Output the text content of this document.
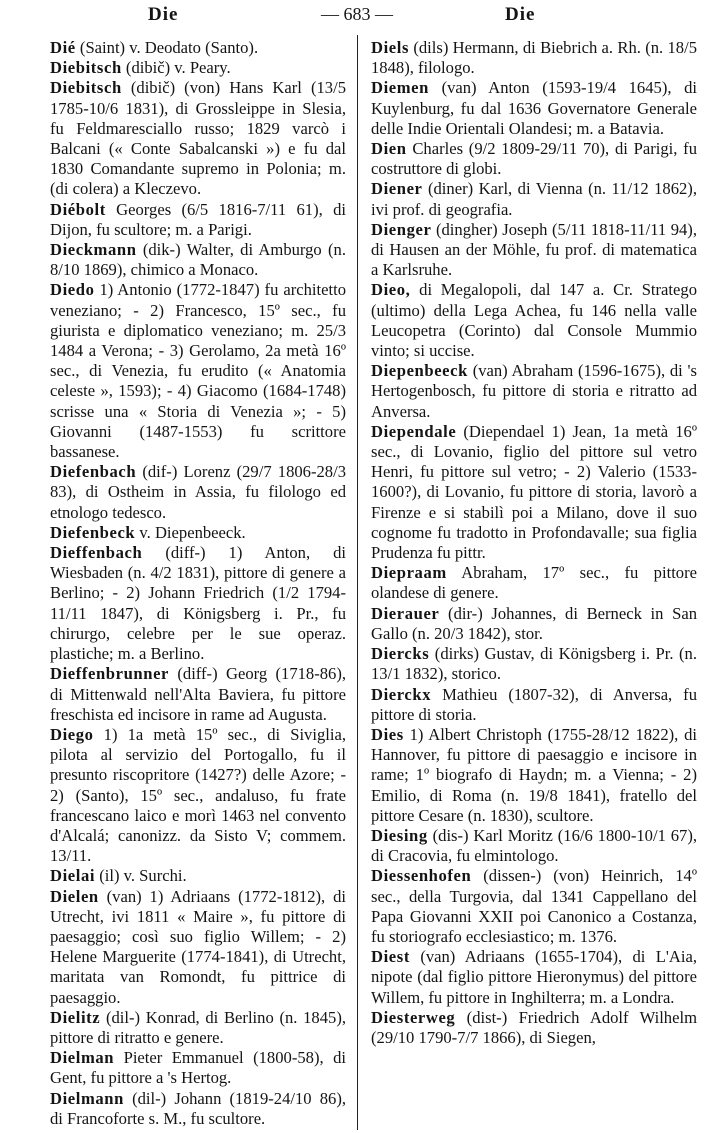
Die	— 683 —	Die

Dié (Saint) v. Deodato (Santo).

Diebitsch (dibič) v. Peary.

Diebitsch (dibič) (von) Hans Karl (13/5 1785-10/6 1831), di Grossleippe in Slesia, fu Feldmaresciallo russo; 1829 varcò i Balcani (« Conte Sabalcanski ») e fu dal 1830 Comandante supremo in Polonia; m. (di colera) a Kleczevo.

Diébolt Georges (6/5 1816-7/11 61), di Dijon, fu scultore; m. a Parigi.

Dieckmann (dik-) Walter, di Amburgo (n. 8/10 1869), chimico a Monaco.

Diedo 1) Antonio (1772-1847) fu architetto veneziano; - 2) Francesco, 15º sec., fu giurista e diplomatico veneziano; m. 25/3 1484 a Verona; - 3) Gerolamo, 2a metà 16º sec., di Venezia, fu erudito (« Anatomia celeste », 1593); - 4) Giacomo (1684-1748) scrisse una « Storia di Venezia »; - 5) Giovanni (1487-1553) fu scrittore bassanese.

Diefenbach (dif-) Lorenz (29/7 1806-28/3 83), di Ostheim in Assia, fu filologo ed etnologo tedesco.

Diefenbeck v. Diepenbeeck.

Dieffenbach (diff-) 1) Anton, di Wiesbaden (n. 4/2 1831), pittore di genere a Berlino; - 2) Johann Friedrich (1/2 1794-11/11 1847), di Königsberg i. Pr., fu chirurgo, celebre per le sue operaz. plastiche; m. a Berlino.

Dieffenbrunner (diff-) Georg (1718-86), di Mittenwald nell'Alta Baviera, fu pittore freschista ed incisore in rame ad Augusta.

Diego 1) 1a metà 15º sec., di Siviglia, pilota al servizio del Portogallo, fu il presunto riscopritore (1427?) delle Azore; - 2) (Santo), 15º sec., andaluso, fu frate francescano laico e morì 1463 nel convento d'Alcalá; canonizz. da Sisto V; commem. 13/11.

Dielai (il) v. Surchi.

Dielen (van) 1) Adriaans (1772-1812), di Utrecht, ivi 1811 « Maire », fu pittore di paesaggio; così suo figlio Willem; - 2) Helene Marguerite (1774-1841), di Utrecht, maritata van Romondt, fu pittrice di paesaggio.

Dielitz (dil-) Konrad, di Berlino (n. 1845), pittore di ritratto e genere.

Dielman Pieter Emmanuel (1800-58), di Gent, fu pittore a 's Hertog.

Dielmann (dil-) Johann (1819-24/10 86), di Francoforte s. M., fu scultore.

Diels (dils) Hermann, di Biebrich a. Rh. (n. 18/5 1848), filologo.

Diemen (van) Anton (1593-19/4 1645), di Kuylenburg, fu dal 1636 Governatore Generale delle Indie Orientali Olandesi; m. a Batavia.

Dien Charles (9/2 1809-29/11 70), di Parigi, fu costruttore di globi.

Diener (diner) Karl, di Vienna (n. 11/12 1862), ivi prof. di geografia.

Dienger (dingher) Joseph (5/11 1818-11/11 94), di Hausen an der Möhle, fu prof. di matematica a Karlsruhe.

Dieo, di Megalopoli, dal 147 a. Cr. Stratego (ultimo) della Lega Achea, fu 146 nella valle Leucopetra (Corinto) dal Console Mummio vinto; si uccise.

Diepenbeeck (van) Abraham (1596-1675), di 's Hertogenbosch, fu pittore di storia e ritratto ad Anversa.

Diependale (Diependael 1) Jean, 1a metà 16º sec., di Lovanio, figlio del pittore sul vetro Henri, fu pittore sul vetro; - 2) Valerio (1533-1600?), di Lovanio, fu pittore di storia, lavorò a Firenze e si stabilì poi a Milano, dove il suo cognome fu tradotto in Profondavalle; sua figlia Prudenza fu pittr.

Diepraam Abraham, 17º sec., fu pittore olandese di genere.

Dierauer (dir-) Johannes, di Berneck in San Gallo (n. 20/3 1842), stor.

Diercks (dirks) Gustav, di Königsberg i. Pr. (n. 13/1 1832), storico.

Dierckx Mathieu (1807-32), di Anversa, fu pittore di storia.

Dies 1) Albert Christoph (1755-28/12 1822), di Hannover, fu pittore di paesaggio e incisore in rame; 1º biografo di Haydn; m. a Vienna; - 2) Emilio, di Roma (n. 19/8 1841), fratello del pittore Cesare (n. 1830), scultore.

Diesing (dis-) Karl Moritz (16/6 1800-10/1 67), di Cracovia, fu elmintologo.

Diessenhofen (dissen-) (von) Heinrich, 14º sec., della Turgovia, dal 1341 Cappellano del Papa Giovanni XXII poi Canonico a Costanza, fu storiografo ecclesiastico; m. 1376.

Diest (van) Adriaans (1655-1704), di L'Aia, nipote (dal figlio pittore Hieronymus) del pittore Willem, fu pittore in Inghilterra; m. a Londra.

Diesterweg (dist-) Friedrich Adolf Wilhelm (29/10 1790-7/7 1866), di Siegen,
